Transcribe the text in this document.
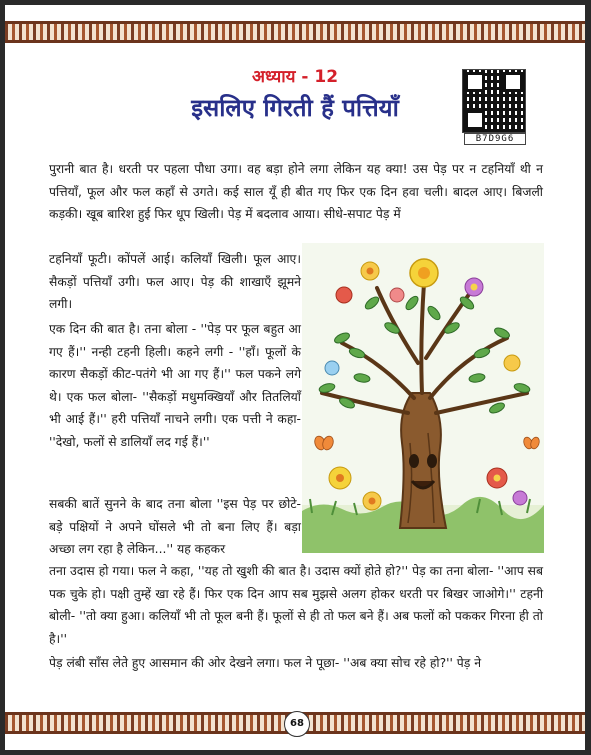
अध्याय - 12
इसलिए गिरती हैं पत्तियाँ
B7D9G6
पुरानी बात है। धरती पर पहला पौधा उगा। वह बड़ा होने लगा लेकिन यह क्या! उस पेड़ पर न टहनियाँ थी न पत्तियाँ, फूल और फल कहाँ से उगते। कई साल यूँ ही बीत गए फिर एक दिन हवा चली। बादल आए। बिजली कड़की। खूब बारिश हुई फिर धूप खिली। पेड़ में बदलाव आया। सीधे-सपाट पेड़ में
टहनियाँ फूटी। कोंपलें आई। कलियाँ खिली। फूल आए। सैकड़ों पत्तियाँ उगी। फल आए। पेड़ की शाखाएँ झूमने लगी।
एक दिन की बात है। तना बोला - ''पेड़ पर फूल बहुत आ गए हैं।'' नन्ही टहनी हिली। कहने लगी - ''हाँ। फूलों के कारण सैकड़ों कीट-पतंगे भी आ गए हैं।'' फल पकने लगे थे। एक फल बोला- ''सैकड़ों मधुमक्खियाँ और तितलियाँ भी आई हैं।'' हरी पत्तियाँ नाचने लगी। एक पत्ती ने कहा-''देखो, फलों से डालियाँ लद गई हैं।''
सबकी बातें सुनने के बाद तना बोला ''इस पेड़ पर छोटे-बड़े पक्षियों ने अपने घोंसले भी तो बना लिए हैं। बड़ा अच्छा लग रहा है लेकिन...'' यह कहकर
तना उदास हो गया। फल ने कहा, ''यह तो खुशी की बात है। उदास क्यों होते हो?'' पेड़ का तना बोला- ''आप सब पक चुके हो। पक्षी तुम्हें खा रहे हैं। फिर एक दिन आप सब मुझसे अलग होकर धरती पर बिखर जाओगे।'' टहनी बोली- ''तो क्या हुआ। कलियाँ भी तो फूल बनी हैं। फूलों से ही तो फल बने हैं। अब फलों को पककर गिरना ही तो है।''
पेड़ लंबी साँस लेते हुए आसमान की ओर देखने लगा। फल ने पूछा- ''अब क्या सोच रहे हो?'' पेड़ ने
68
